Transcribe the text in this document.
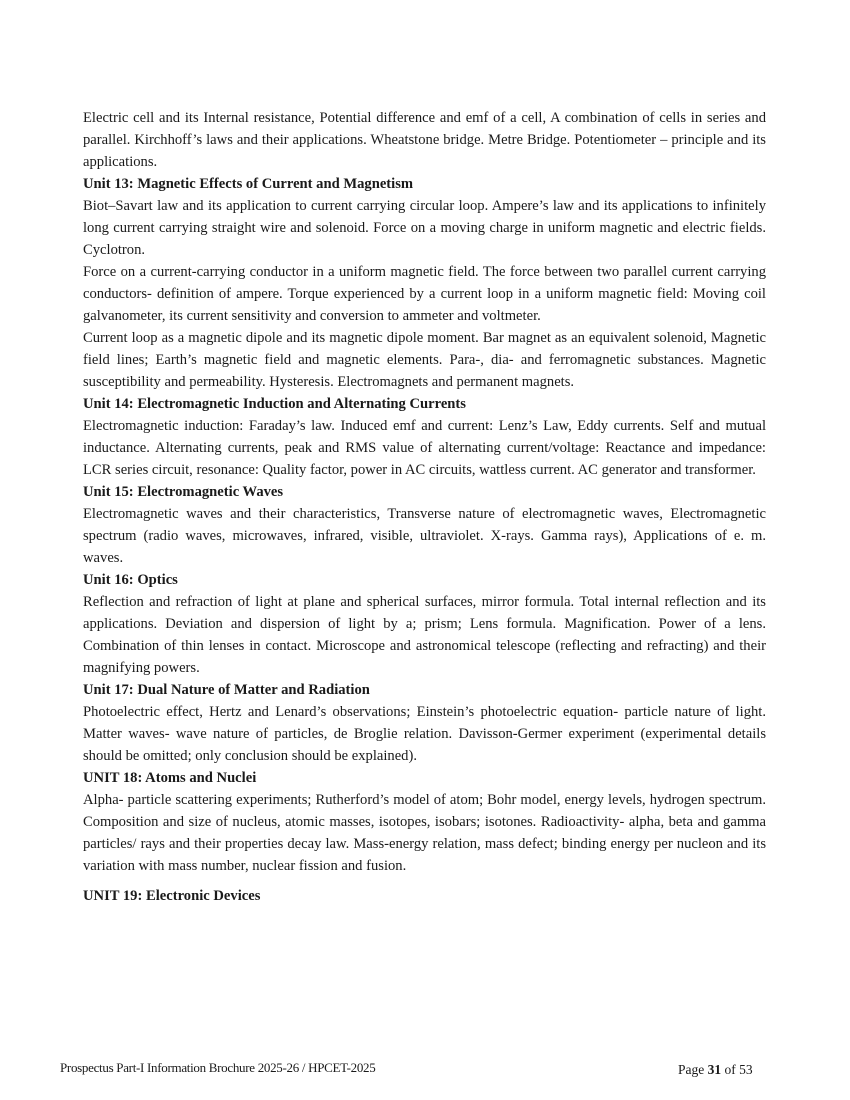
Electric cell and its Internal resistance, Potential difference and emf of a cell, A combination of cells in series and parallel. Kirchhoff’s laws and their applications. Wheatstone bridge. Metre Bridge. Potentiometer – principle and its applications.

Unit 13: Magnetic Effects of Current and Magnetism

Biot–Savart law and its application to current carrying circular loop. Ampere’s law and its applications to infinitely long current carrying straight wire and solenoid. Force on a moving charge in uniform magnetic and electric fields. Cyclotron.

Force on a current-carrying conductor in a uniform magnetic field. The force between two parallel current carrying conductors- definition of ampere. Torque experienced by a current loop in a uniform magnetic field: Moving coil galvanometer, its current sensitivity and conversion to ammeter and voltmeter.

Current loop as a magnetic dipole and its magnetic dipole moment. Bar magnet as an equivalent solenoid, Magnetic field lines; Earth’s magnetic field and magnetic elements. Para-, dia- and ferromagnetic substances. Magnetic susceptibility and permeability. Hysteresis. Electromagnets and permanent magnets.

Unit 14: Electromagnetic Induction and Alternating Currents

Electromagnetic induction: Faraday’s law. Induced emf and current: Lenz’s Law, Eddy currents. Self and mutual inductance. Alternating currents, peak and RMS value of alternating current/voltage: Reactance and impedance: LCR series circuit, resonance: Quality factor, power in AC circuits, wattless current. AC generator and transformer.

Unit 15: Electromagnetic Waves

Electromagnetic waves and their characteristics, Transverse nature of electromagnetic waves, Electromagnetic spectrum (radio waves, microwaves, infrared, visible, ultraviolet. X-rays. Gamma rays), Applications of e. m. waves.

Unit 16: Optics

Reflection and refraction of light at plane and spherical surfaces, mirror formula. Total internal reflection and its applications. Deviation and dispersion of light by a; prism; Lens formula. Magnification. Power of a lens. Combination of thin lenses in contact. Microscope and astronomical telescope (reflecting and refracting) and their magnifying powers.

Unit 17: Dual Nature of Matter and Radiation

Photoelectric effect, Hertz and Lenard’s observations; Einstein’s photoelectric equation- particle nature of light. Matter waves- wave nature of particles, de Broglie relation. Davisson-Germer experiment (experimental details should be omitted; only conclusion should be explained).

UNIT 18: Atoms and Nuclei

Alpha- particle scattering experiments; Rutherford’s model of atom; Bohr model, energy levels, hydrogen spectrum. Composition and size of nucleus, atomic masses, isotopes, isobars; isotones. Radioactivity- alpha, beta and gamma particles/ rays and their properties decay law. Mass-energy relation, mass defect; binding energy per nucleon and its variation with mass number, nuclear fission and fusion.

UNIT 19: Electronic Devices
Prospectus Part-I Information Brochure 2025-26 / HPCET-2025	Page 31 of 53
